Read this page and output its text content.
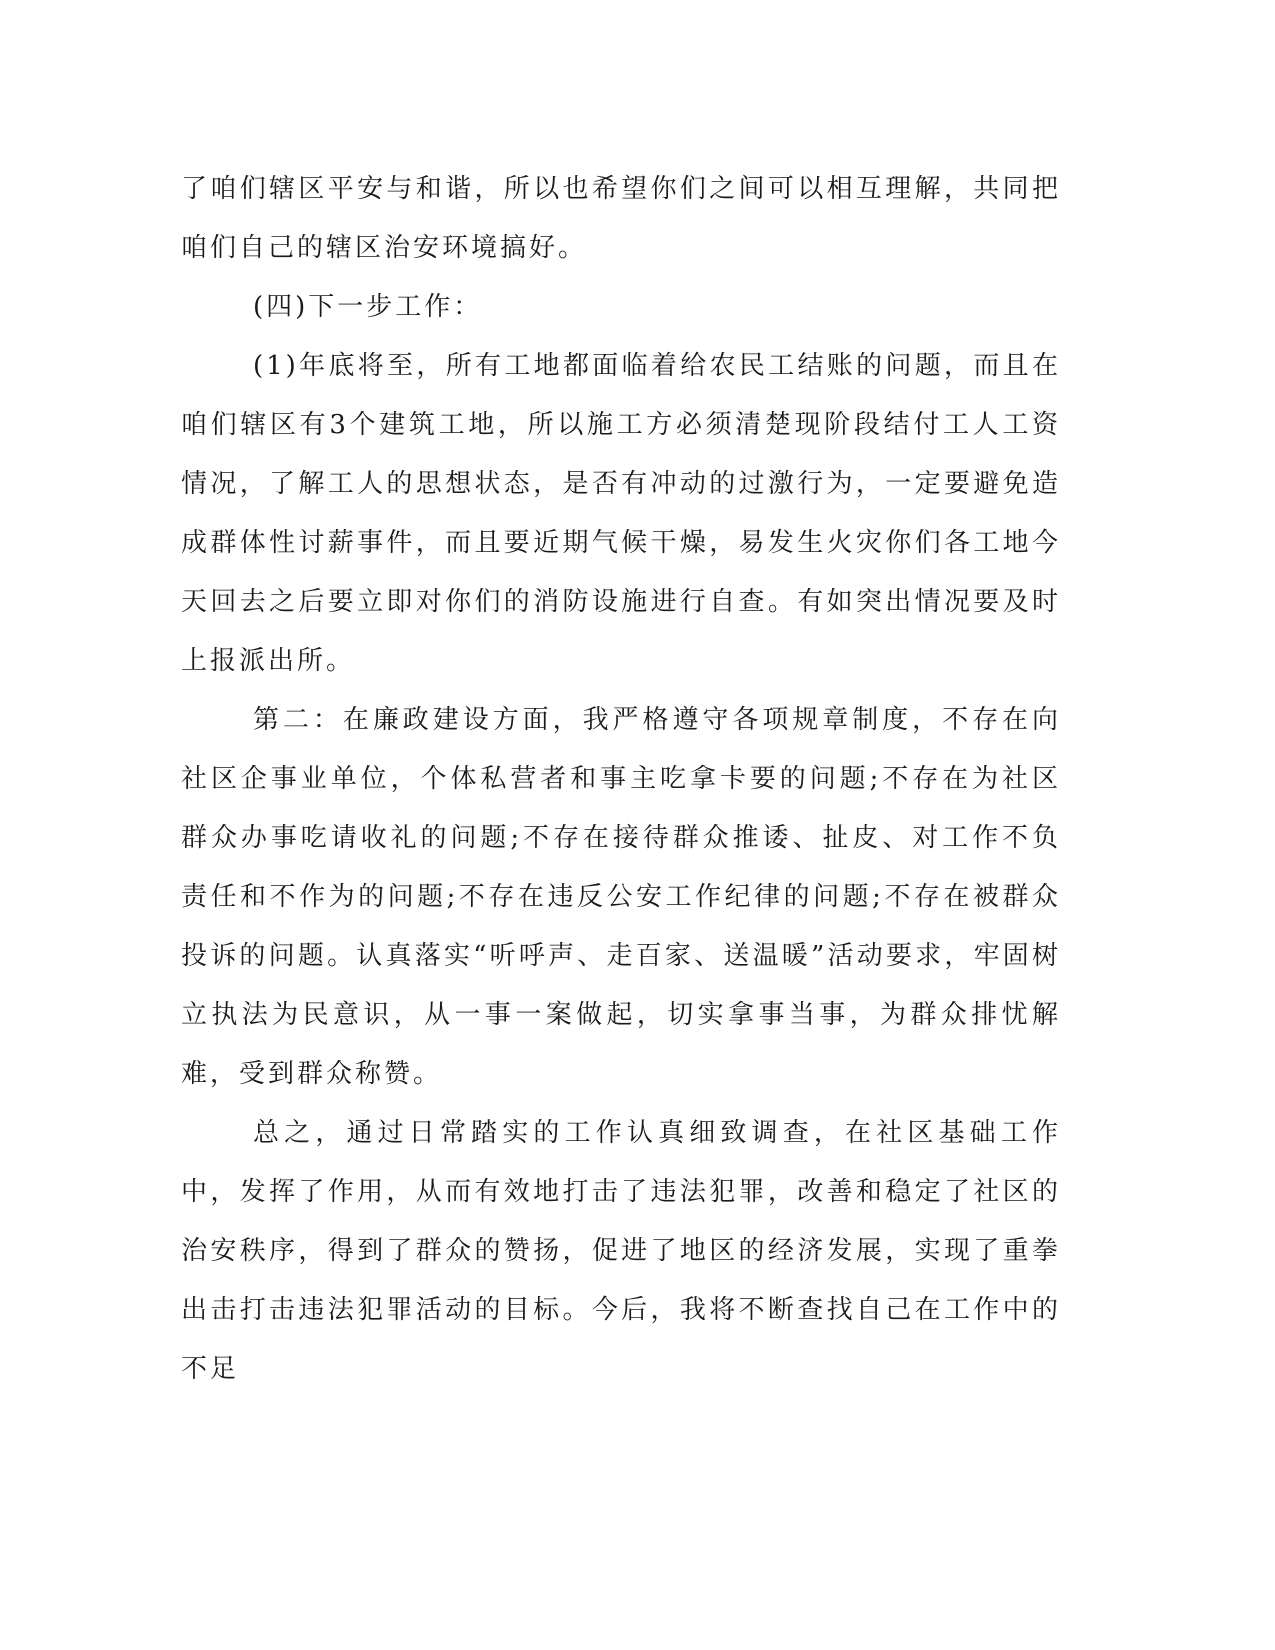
了咱们辖区平安与和谐，所以也希望你们之间可以相互理解，共同把咱们自己的辖区治安环境搞好。

(四)下一步工作：

(1)年底将至，所有工地都面临着给农民工结账的问题，而且在咱们辖区有3个建筑工地，所以施工方必须清楚现阶段结付工人工资情况，了解工人的思想状态，是否有冲动的过激行为，一定要避免造成群体性讨薪事件，而且要近期气候干燥，易发生火灾你们各工地今天回去之后要立即对你们的消防设施进行自查。有如突出情况要及时上报派出所。

第二：在廉政建设方面，我严格遵守各项规章制度，不存在向社区企事业单位，个体私营者和事主吃拿卡要的问题;不存在为社区群众办事吃请收礼的问题;不存在接待群众推诿、扯皮、对工作不负责任和不作为的问题;不存在违反公安工作纪律的问题;不存在被群众投诉的问题。认真落实“听呼声、走百家、送温暖”活动要求，牢固树立执法为民意识，从一事一案做起，切实拿事当事，为群众排忧解难，受到群众称赞。

总之，通过日常踏实的工作认真细致调查，在社区基础工作中，发挥了作用，从而有效地打击了违法犯罪，改善和稳定了社区的治安秩序，得到了群众的赞扬，促进了地区的经济发展，实现了重拳出击打击违法犯罪活动的目标。今后，我将不断查找自己在工作中的不足
